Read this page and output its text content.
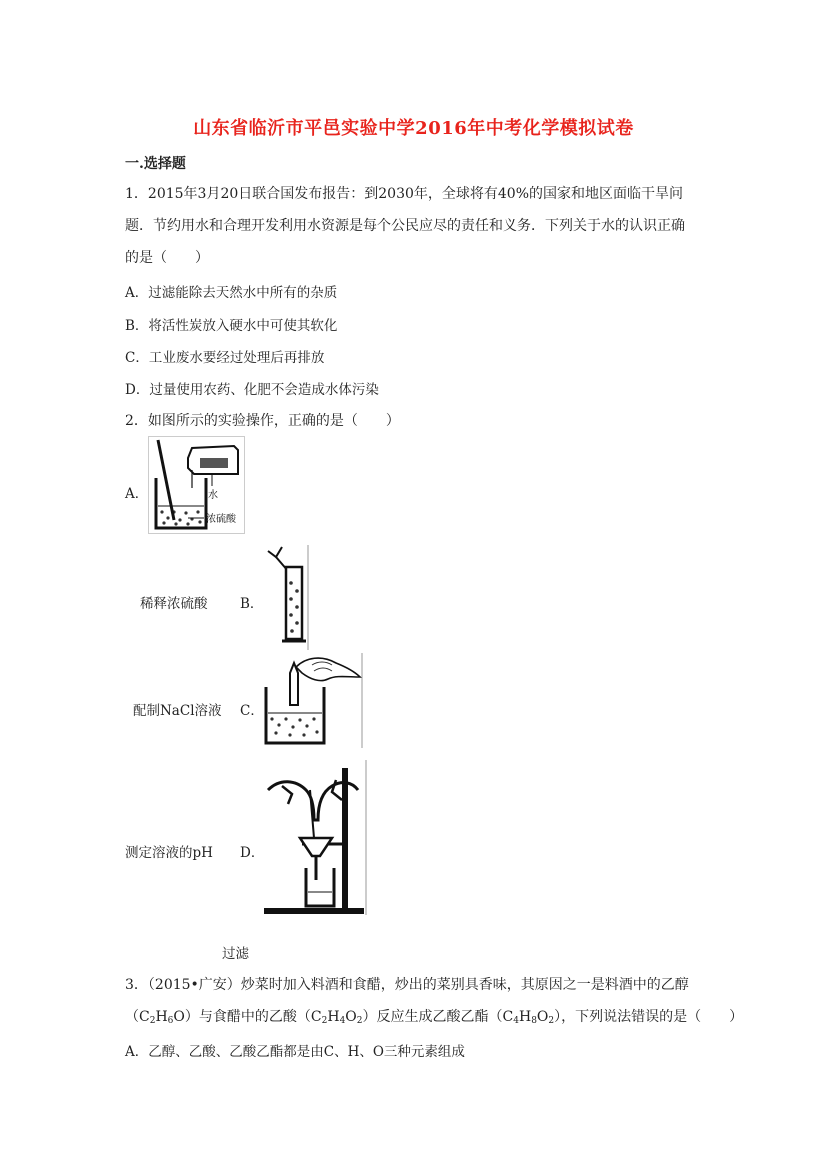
山东省临沂市平邑实验中学2016年中考化学模拟试卷
一.选择题
1．2015年3月20日联合国发布报告：到2030年，全球将有40%的国家和地区面临干旱问
题．节约用水和合理开发利用水资源是每个公民应尽的责任和义务．下列关于水的认识正确
的是（　　）
A．过滤能除去天然水中所有的杂质
B．将活性炭放入硬水中可使其软化
C．工业废水要经过处理后再排放
D．过量使用农药、化肥不会造成水体污染
2．如图所示的实验操作，正确的是（　　）
A．	水
浓硫酸
稀释浓硫酸 B．
配制NaCl溶液 C．
测定溶液的pH D．
过滤
3．（2015•广安）炒菜时加入料酒和食醋，炒出的菜别具香味，其原因之一是料酒中的乙醇
$(C_2H_6O)$与食醋中的乙酸$(C_2H_4O_2)$反应生成乙酸乙酯$(C_4H_8O_2)$，下列说法错误的是（　　）
A．乙醇、乙酸、乙酸乙酯都是由C、H、O三种元素组成
